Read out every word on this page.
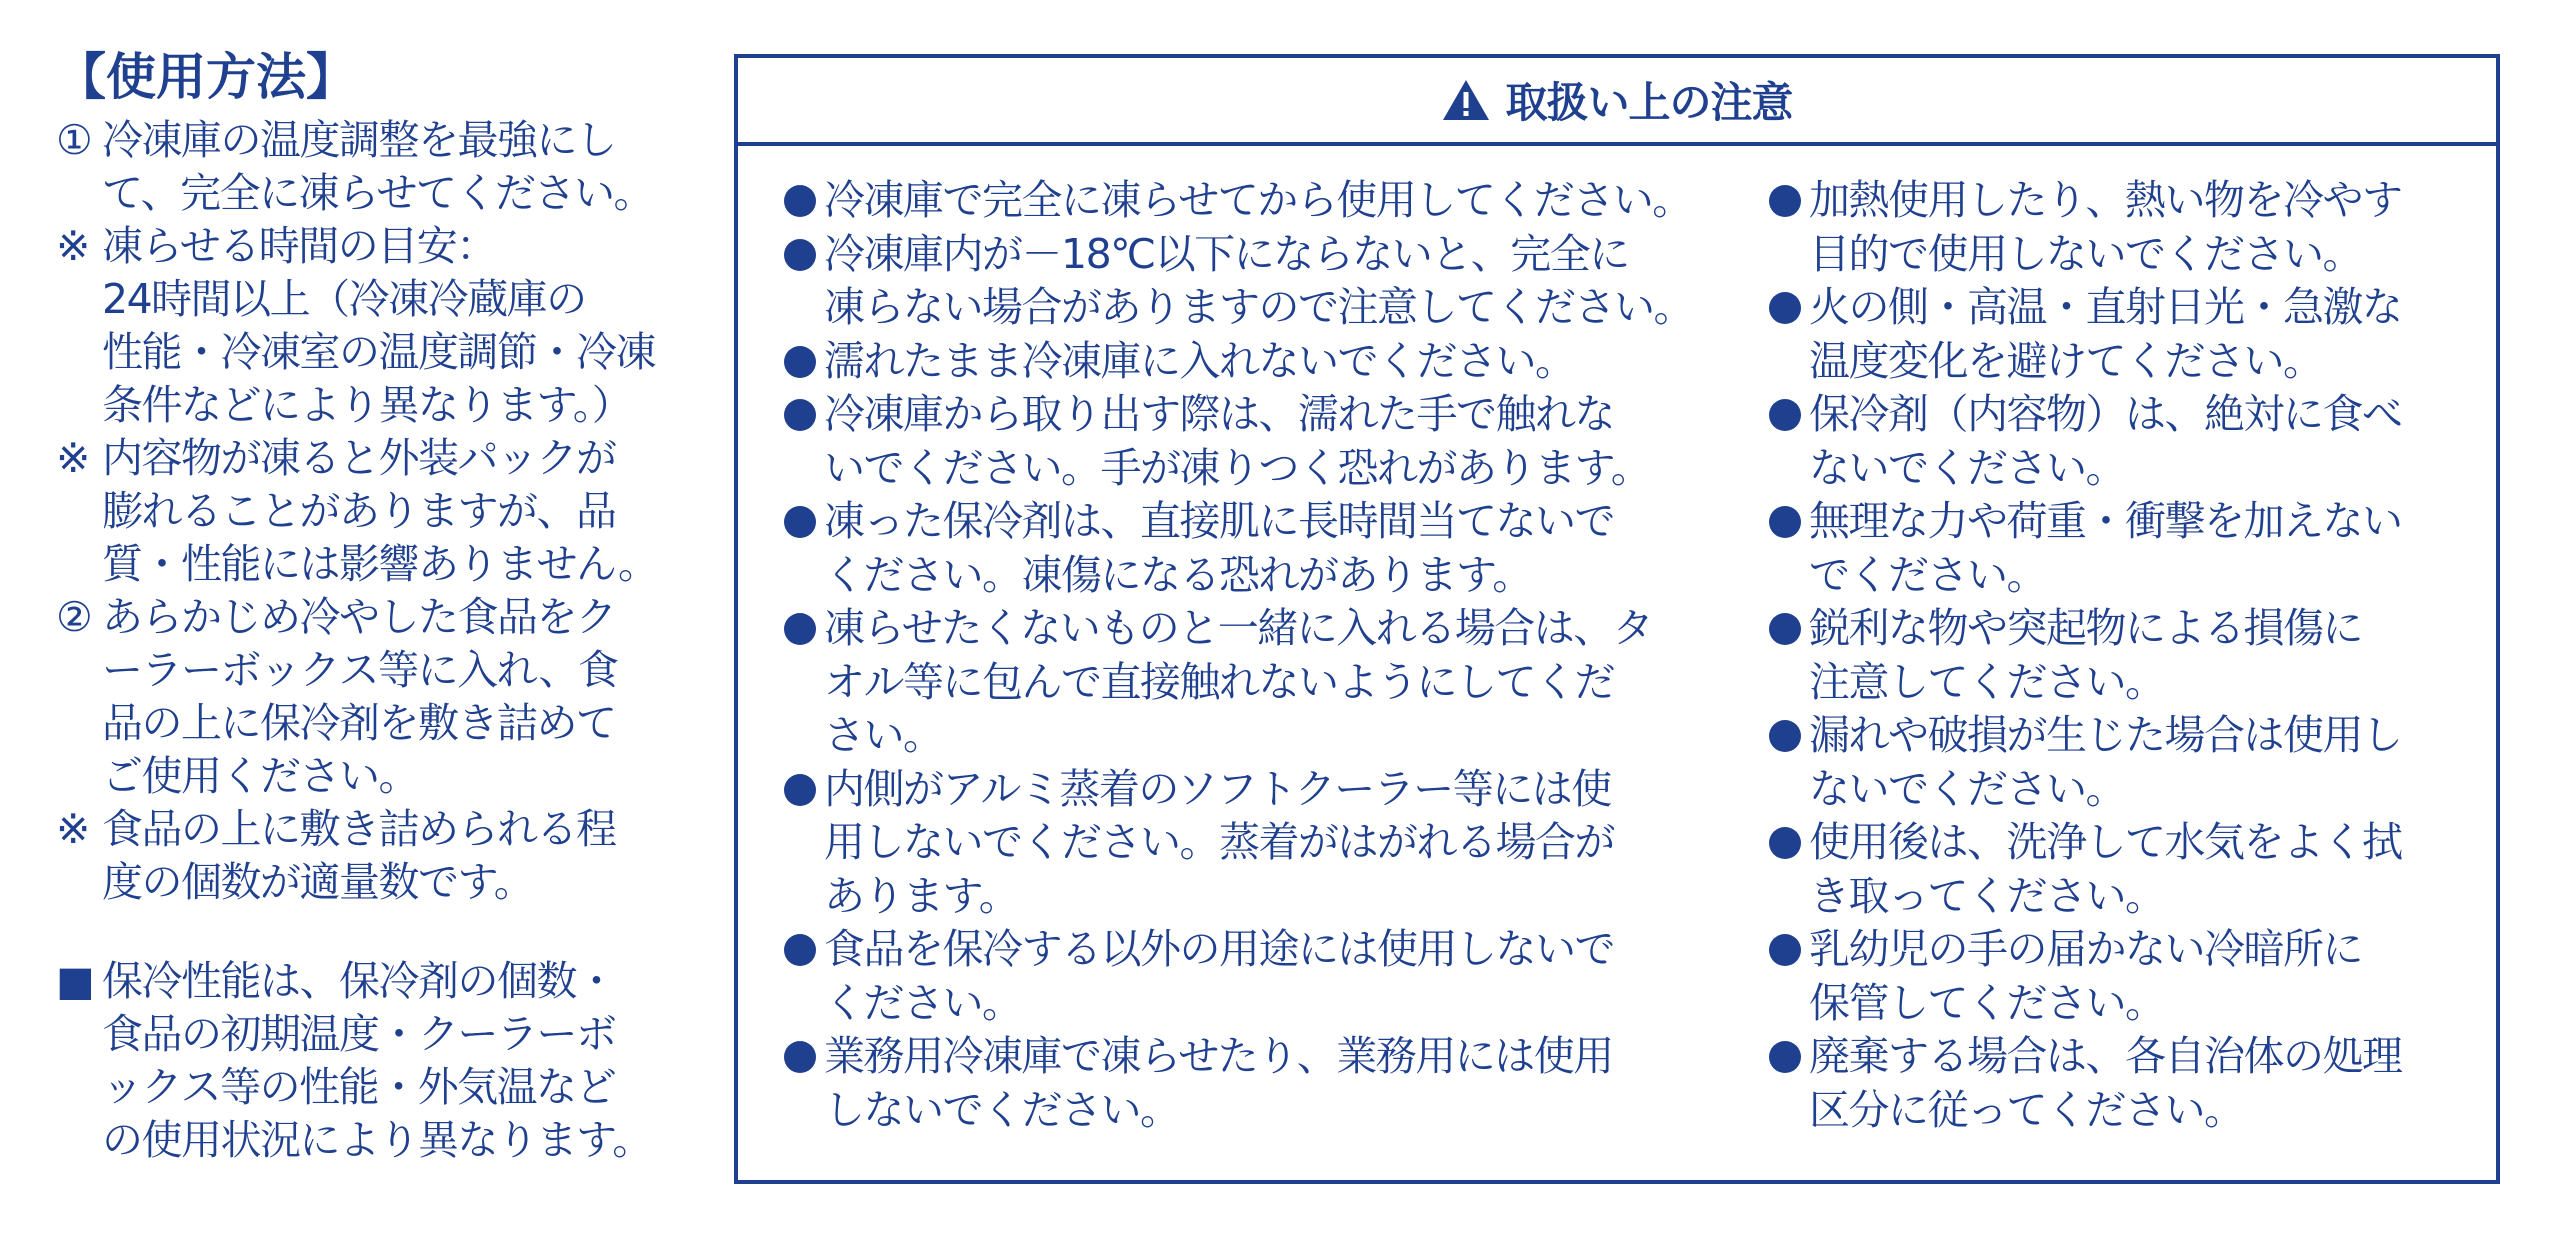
【使用方法】
① 冷凍庫の温度調整を最強にし
て、完全に凍らせてください。
※ 凍らせる時間の目安：
24時間以上（冷凍冷蔵庫の
性能・冷凍室の温度調節・冷凍
条件などにより異なります。）
※ 内容物が凍ると外装パックが
膨れることがありますが、品
質・性能には影響ありません。
② あらかじめ冷やした食品をク
ーラーボックス等に入れ、食
品の上に保冷剤を敷き詰めて
ご使用ください。
※ 食品の上に敷き詰められる程
度の個数が適量数です。
■ 保冷性能は、保冷剤の個数・
食品の初期温度・クーラーボ
ックス等の性能・外気温など
の使用状況により異なります。
取扱い上の注意
冷凍庫で完全に凍らせてから使用してください。
冷凍庫内が－18℃以下にならないと、完全に
凍らない場合がありますので注意してください。
濡れたまま冷凍庫に入れないでください。
冷凍庫から取り出す際は、濡れた手で触れな
いでください。手が凍りつく恐れがあります。
凍った保冷剤は、直接肌に長時間当てないで
ください。凍傷になる恐れがあります。
凍らせたくないものと一緒に入れる場合は、タ
オル等に包んで直接触れないようにしてくだ
さい。
内側がアルミ蒸着のソフトクーラー等には使
用しないでください。蒸着がはがれる場合が
あります。
食品を保冷する以外の用途には使用しないで
ください。
業務用冷凍庫で凍らせたり、業務用には使用
しないでください。
加熱使用したり、熱い物を冷やす
目的で使用しないでください。
火の側・高温・直射日光・急激な
温度変化を避けてください。
保冷剤（内容物）は、絶対に食べ
ないでください。
無理な力や荷重・衝撃を加えない
でください。
鋭利な物や突起物による損傷に
注意してください。
漏れや破損が生じた場合は使用し
ないでください。
使用後は、洗浄して水気をよく拭
き取ってください。
乳幼児の手の届かない冷暗所に
保管してください。
廃棄する場合は、各自治体の処理
区分に従ってください。
